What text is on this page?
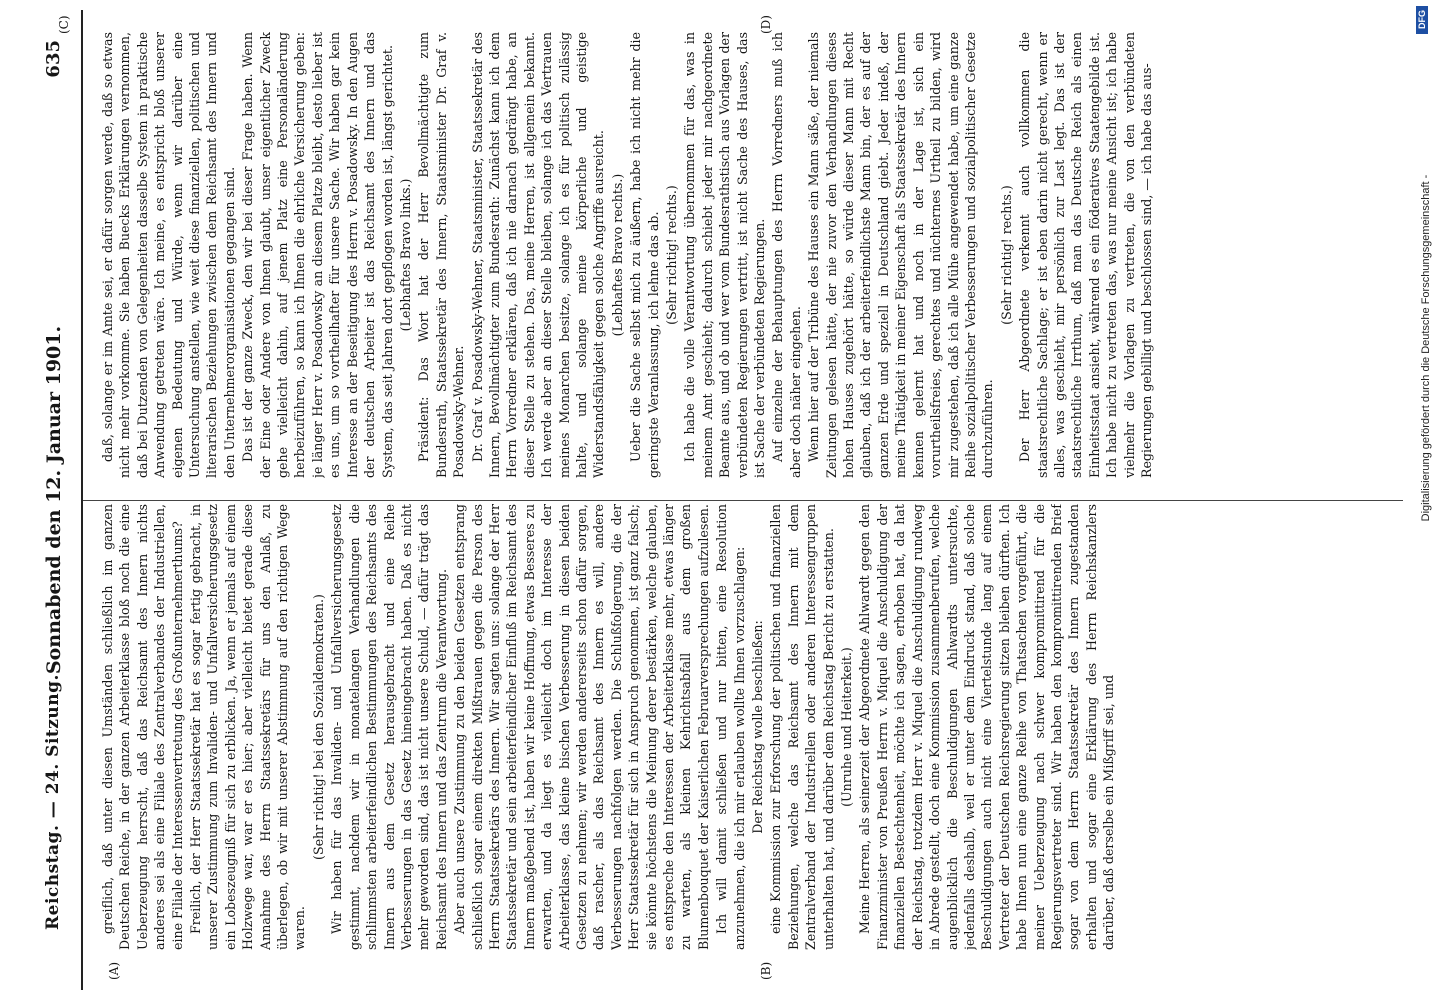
Reichstag. — 24. Sitzung.
Sonnabend den 12. Januar 1901.
635
(A)	(B)
(C)	(D)

greiflich, daß unter diesen Umständen schließlich im ganzen Deutschen Reiche, in der ganzen Arbeiterklasse bloß noch die eine Ueberzeugung herrscht, daß das Reichsamt des Innern nichts anderes sei als eine Filiale des Zentralverbandes der Industriellen, eine Filiale der Interessenvertretung des Großunternehmerthums? Freilich, der Herr Staatssekretär hat es sogar fertig gebracht, in unserer Zustimmung zum Invaliden- und Unfallversicherungsgesetz ein Lobeszeugniß für sich zu erblicken. Ja, wenn er jemals auf einem Holzwege war, war er es hier; aber vielleicht bietet gerade diese Annahme des Herrn Staatssekretärs für uns den Anlaß, zu überlegen, ob wir mit unserer Abstimmung auf den richtigen Wege waren.

(Sehr richtig! bei den Sozialdemokraten.) Wir haben für das Invaliden- und Unfallversicherungsgesetz gestimmt, nachdem wir in monatelangen Verhandlungen die schlimmsten arbeiterfeindlichen Bestimmungen des Reichsamts des Innern aus dem Gesetz herausgebracht und eine Reihe Verbesserungen in das Gesetz hineingebracht haben. Daß es nicht mehr geworden sind, das ist nicht unsere Schuld, — dafür trägt das Reichsamt des Innern und das Zentrum die Verantwortung. Aber auch unsere Zustimmung zu den beiden Gesetzen entsprang schließlich sogar einem direkten Mißtrauen gegen die Person des Herrn Staatssekretärs des Innern. Wir sagten uns: solange der Herr Staatssekretär und sein arbeiterfeindlicher Einfluß im Reichsamt des Innern maßgebend ist, haben wir keine Hoffnung, etwas Besseres zu erwarten, und da liegt es vielleicht doch im Interesse der Arbeiterklasse, das kleine bischen Verbesserung in diesen beiden Gesetzen zu nehmen; wir werden andererseits schon dafür sorgen, daß rascher, als das Reichsamt des Innern es will, andere Verbesserungen nachfolgen werden. Die Schlußfolgerung, die der Herr Staatssekretär für sich in Anspruch genommen, ist ganz falsch; sie könnte höchstens die Meinung derer bestärken, welche glauben, es entspreche den Interessen der Arbeiterklasse mehr, etwas länger zu warten, als kleinen Kehrichtsabfall aus dem großen Blumenbouquet der Kaiserlichen Februarversprechungen aufzulesen. Ich will damit schließen und nur bitten, eine Resolution anzunehmen, die ich mir erlauben wollte Ihnen vorzuschlagen: Der Reichstag wolle beschließen: eine Kommission zur Erforschung der politischen und finanziellen Beziehungen, welche das Reichsamt des Innern mit dem Zentralverband der Industriellen oder anderen Interessengruppen unterhalten hat, und darüber dem Reichstag Bericht zu erstatten. (Unruhe und Heiterkeit.) Meine Herren, als seinerzeit der Abgeordnete Ahlwardt gegen den Finanzminister von Preußen Herrn v. Miquel die Anschuldigung der finanziellen Bestechtenheit, möchte ich sagen, erhoben hat, da hat der Reichstag, trotzdem Herr v. Miquel die Anschuldigung rundweg in Abrede gestellt, doch eine Kommission zusammenberufen, welche augenblicklich die Beschuldigungen Ahlwardts untersuchte, jedenfalls deshalb, weil er unter dem Eindruck stand, daß solche Beschuldigungen auch nicht eine Viertelstunde lang auf einem Vertreter der Deutschen Reichsregierung sitzen bleiben dürften. Ich habe Ihnen nun eine ganze Reihe von Thatsachen vorgeführt, die meiner Ueberzeugung nach schwer kompromittirend für die Regierungsvertreter sind. Wir haben den kompromittirenden Brief sogar von dem Herrn Staatssekretär des Innern zugestanden erhalten und sogar eine Erklärung des Herrn Reichskanzlers darüber, daß derselbe ein Mißgriff sei, und

daß, solange er im Amte sei, er dafür sorgen werde, daß so etwas nicht mehr vorkomme. Sie haben Buecks Erklärungen vernommen, daß bei Dutzenden von Gelegenheiten dasselbe System in praktische Anwendung getreten wäre. Ich meine, es entspricht bloß unserer eigenen Bedeutung und Würde, wenn wir darüber eine Untersuchung anstellen, wie weit diese finanziellen, politischen und literarischen Beziehungen zwischen dem Reichsamt des Innern und den Unternehmerorganisationen gegangen sind. Das ist der ganze Zweck, den wir bei dieser Frage haben. Wenn der Eine oder Andere von Ihnen glaubt, unser eigentlicher Zweck gehe vielleicht dahin, auf jenem Platz eine Personaländerung herbeizuführen, so kann ich Ihnen die ehrliche Versicherung geben: je länger Herr v. Posadowsky an diesem Platze bleibt, desto lieber ist es uns, um so vortheilhafter für unsere Sache. Wir haben gar kein Interesse an der Beseitigung des Herrn v. Posadowsky. In den Augen der deutschen Arbeiter ist das Reichsamt des Innern und das System, das seit Jahren dort gepflogen worden ist, längst gerichtet. (Lebhaftes Bravo links.) Präsident: Das Wort hat der Herr Bevollmächtigte zum Bundesrath, Staatssekretär des Innern, Staatsminister Dr. Graf v. Posadowsky-Wehner. Dr. Graf v. Posadowsky-Wehner, Staatsminister, Staatssekretär des Innern, Bevollmächtigter zum Bundesrath: Zunächst kann ich dem Herrn Vorredner erklären, daß ich nie darnach gedrängt habe, an dieser Stelle zu stehen. Das, meine Herren, ist allgemein bekannt. Ich werde aber an dieser Stelle bleiben, solange ich das Vertrauen meines Monarchen besitze, solange ich es für politisch zulässig halte, und solange meine körperliche und geistige Widerstandsfähigkeit gegen solche Angriffe ausreicht. (Lebhaftes Bravo rechts.) Ueber die Sache selbst mich zu äußern, habe ich nicht mehr die geringste Veranlassung, ich lehne das ab. (Sehr richtig! rechts.) Ich habe die volle Verantwortung übernommen für das, was in meinem Amt geschieht; dadurch schiebt jeder mir nachgeordnete Beamte aus, und ob und wer vom Bundesrathstisch aus Vorlagen der verbündeten Regierungen vertritt, ist nicht Sache des Hauses, das ist Sache der verbündeten Regierungen. Auf einzelne der Behauptungen des Herrn Vorredners muß ich aber doch näher eingehen. Wenn hier auf der Tribüne des Hauses ein Mann säße, der niemals Zeitungen gelesen hätte, der nie zuvor den Verhandlungen dieses hohen Hauses zugehört hätte, so würde dieser Mann mit Recht glauben, daß ich der arbeiterfeindlichste Mann bin, der es auf der ganzen Erde und speziell in Deutschland giebt. Jeder indeß, der meine Thätigkeit in meiner Eigenschaft als Staatssekretär des Innern kennen gelernt hat und noch in der Lage ist, sich ein vorurtheilsfreies, gerechtes und nüchternes Urtheil zu bilden, wird mir zugestehen, daß ich alle Mühe angewendet habe, um eine ganze Reihe sozialpolitischer Verbesserungen und sozialpolitischer Gesetze durchzuführen.

(Sehr richtig! rechts.) Der Herr Abgeordnete verkennt auch vollkommen die staatsrechtliche Sachlage; er ist eben darin nicht gerecht, wenn er alles, was geschieht, mir persönlich zur Last legt. Das ist der staatsrechtliche Irrthum, daß man das Deutsche Reich als einen Einheitsstaat ansieht, während es ein föderatives Staatengebilde ist. Ich habe nicht zu vertreten das, was nur meine Ansicht ist; ich habe vielmehr die Vorlagen zu vertreten, die von den verbündeten Regierungen gebilligt und beschlossen sind, — ich habe das aus-	Digitalisierung gefördert durch die Deutsche Forschungsgemeinschaft -
DFG
